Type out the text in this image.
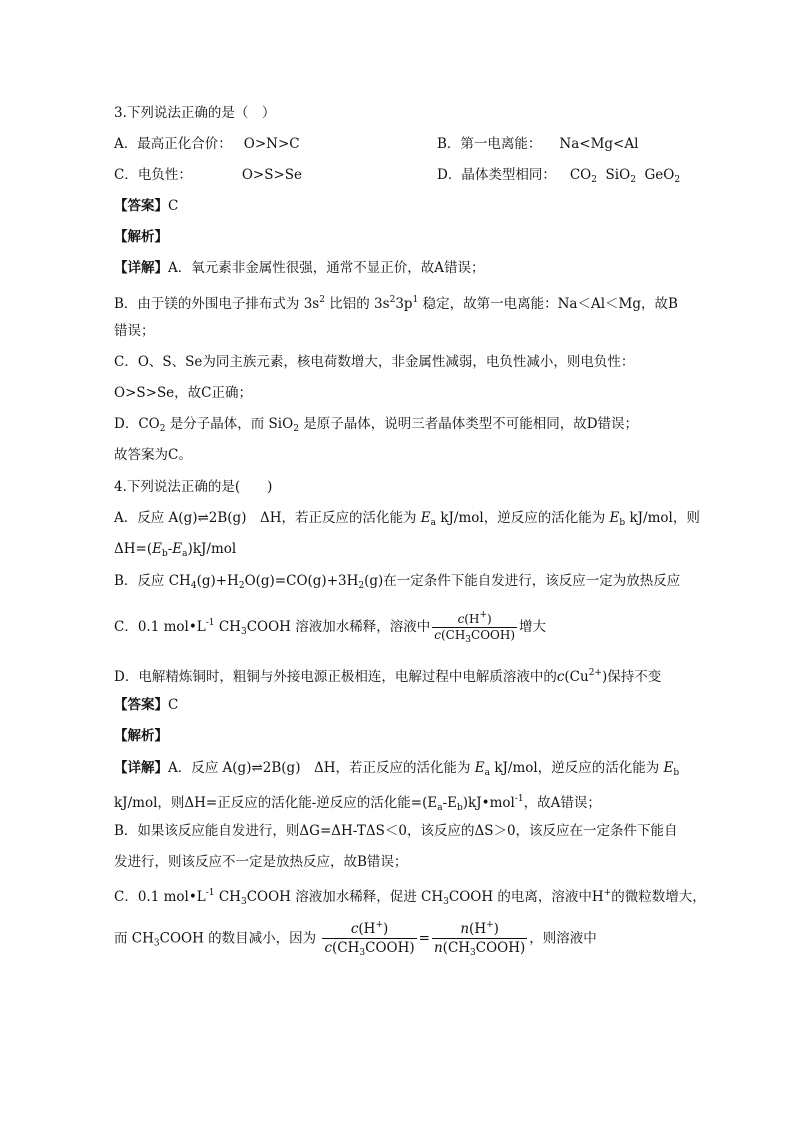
3.下列说法正确的是（　）
A．最高正化合价： O>N>C	B．第一电离能： Na<Mg<Al
C．电负性：	O>S>Se	D．晶体类型相同： $CO_2$  SiO$_2$  GeO$_2$
【答案】C
【解析】
【详解】A．氧元素非金属性很强，通常不显正价，故A错误；
B．由于镁的外围电子排布式为 $3s^2$ 比铝的 $3s^23p^1$ 稳定，故第一电离能：Na＜Al＜Mg，故B
错误；
C．O、S、Se为同主族元素，核电荷数增大，非金属性减弱，电负性减小，则电负性：
O>S>Se，故C正确；
D．$CO_2$ 是分子晶体，而 SiO$_2$ 是原子晶体，说明三者晶体类型不可能相同，故D错误；
故答案为C。
4.下列说法正确的是(　　)
A．反应 A(g)⇌2B(g)　ΔH，若正反应的活化能为 $E_a$ kJ/mol，逆反应的活化能为 $E_b$ kJ/mol，则
$\Delta H=(E_b-E_a)kJ$/mol
B．反应 $CH_4(g)+H_2O(g)=CO(g)+3H_2(g)$在一定条件下能自发进行，该反应一定为放热反应
C．0.1 $mol•L^{-1}$ $CH_3COOH$ 溶液加水稀释，溶液中 $\frac{c(H^+)}{c(CH_3COOH)}$ 增大
D．电解精炼铜时，粗铜与外接电源正极相连，电解过程中电解质溶液中的$c(Cu^{2+})$保持不变
【答案】C
【解析】
【详解】A．反应 A(g)⇌2B(g)　ΔH，若正反应的活化能为 $E_a$ kJ/mol，逆反应的活化能为 $E_b$
kJ/mol，则ΔH=正反应的活化能-逆反应的活化能$=(E_a-E_b)kJ•mol^{-1}$，故A错误；
B．如果该反应能自发进行，则ΔG=ΔH-TΔS＜0，该反应的ΔS＞0，该反应在一定条件下能自
发进行，则该反应不一定是放热反应，故B错误；
C．0.1 $mol•L^{-1}$ $CH_3COOH$ 溶液加水稀释，促进 $CH_3COOH$ 的电离，溶液中H+的微粒数增大，
而 $CH_3COOH$ 的数目减小，因为 $\frac{c(H^+)}{c(CH_3COOH)} = \frac{n(H^+)}{n(CH_3COOH)}$ ，则溶液中
